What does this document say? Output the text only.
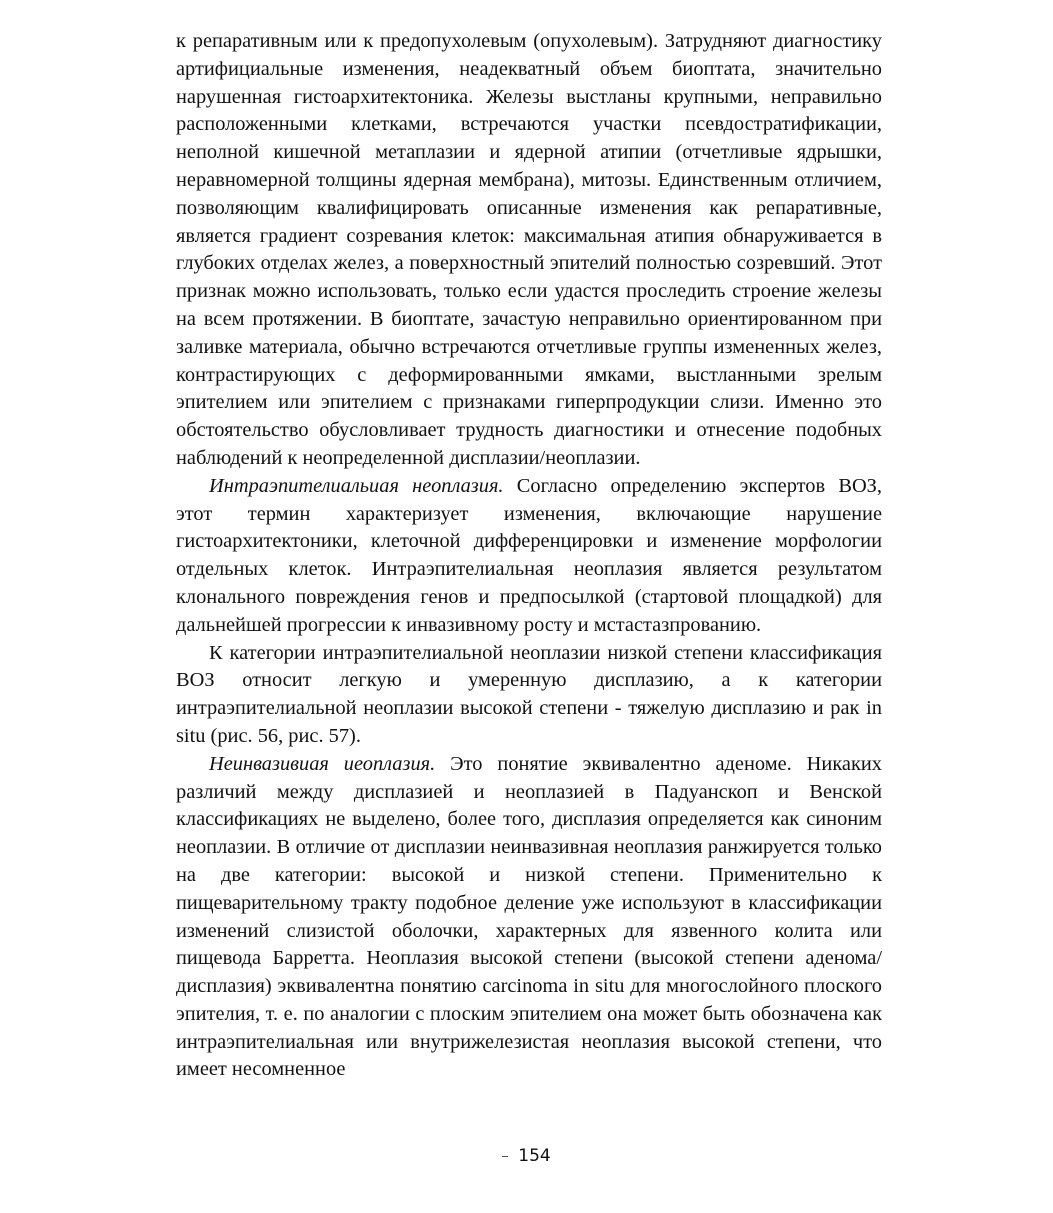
к репаративным или к предопухолевым (опухолевым). Затрудняют диагностику артифициальные изменения, неадекватный объем биоптата, значительно нарушенная гистоархитектоника. Железы выстланы крупными, неправильно расположенными клетками, встречаются участки псевдостратификации, неполной кишечной метаплазии и ядерной атипии (отчетливые ядрышки, неравномерной толщины ядерная мембрана), митозы. Единственным отличием, позволяющим квалифицировать описанные изменения как репаративные, является градиент созревания клеток: максимальная атипия обнаруживается в глубоких отделах желез, а поверхностный эпителий полностью созревший. Этот признак можно использовать, только если удастся проследить строение железы на всем протяжении. В биоптате, зачастую неправильно ориентированном при заливке материала, обычно встречаются отчетливые группы измененных желез, контрастирующих с деформированными ямками, выстланными зрелым эпителием или эпителием с признаками гиперпродукции слизи. Именно это обстоятельство обусловливает трудность диагностики и отнесение подобных наблюдений к неопределенной дисплазии/неоплазии.

Интраэпителиальиая неоплазия. Согласно определению экспертов ВОЗ, этот термин характеризует изменения, включающие нарушение гистоархитектоники, клеточной дифференцировки и изменение морфологии отдельных клеток. Интраэпителиальная неоплазия является результатом клонального повреждения генов и предпосылкой (стартовой площадкой) для дальнейшей прогрессии к инвазивному росту и мстастазпрованию.

К категории интраэпителиальной неоплазии низкой степени классификация ВОЗ относит легкую и умеренную дисплазию, а к категории интраэпителиальной неоплазии высокой степени - тяжелую дисплазию и рак in situ (рис. 56, рис. 57).

Неинвазивиая иеоплазия. Это понятие эквивалентно аденоме. Никаких различий между дисплазией и неоплазией в Падуанскоп и Венской классификациях не выделено, более того, дисплазия определяется как синоним неоплазии. В отличие от дисплазии неинвазивная неоплазия ранжируется только на две категории: высокой и низкой степени. Применительно к пищеварительному тракту подобное деление уже используют в классификации изменений слизистой оболочки, характерных для язвенного колита или пищевода Барретта. Неоплазия высокой степени (высокой степени аденома/дисплазия) эквивалентна понятию carcinoma in situ для многослойного плоского эпителия, т. е. по аналогии с плоским эпителием она может быть обозначена как интраэпителиальная или внутрижелезистая неоплазия высокой степени, что имеет несомненное

154
